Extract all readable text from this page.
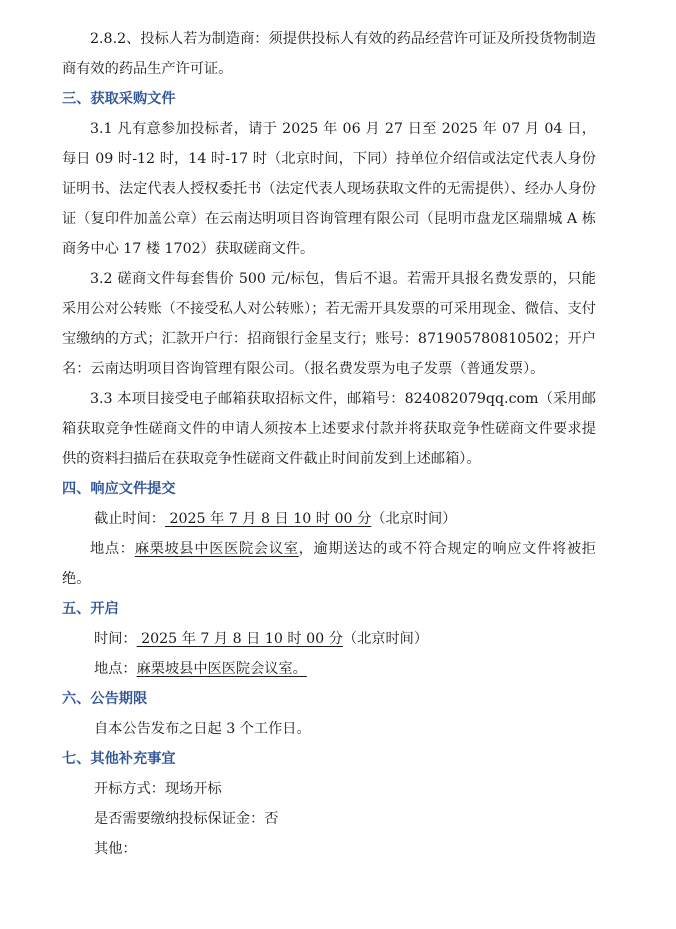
2.8.2、投标人若为制造商：须提供投标人有效的药品经营许可证及所投货物制造商有效的药品生产许可证。

三、获取采购文件

3.1 凡有意参加投标者，请于 2025 年 06 月 27 日至 2025 年 07 月 04 日，每日 09 时-12 时，14 时-17 时（北京时间，下同）持单位介绍信或法定代表人身份证明书、法定代表人授权委托书（法定代表人现场获取文件的无需提供）、经办人身份证（复印件加盖公章）在云南达明项目咨询管理有限公司（昆明市盘龙区瑞鼎城 A 栋商务中心 17 楼 1702）获取磋商文件。

3.2 磋商文件每套售价 500 元/标包，售后不退。若需开具报名费发票的，只能采用公对公转账（不接受私人对公转账）；若无需开具发票的可采用现金、微信、支付宝缴纳的方式；汇款开户行：招商银行金星支行；账号：871905780810502；开户名：云南达明项目咨询管理有限公司。（报名费发票为电子发票（普通发票）。

3.3 本项目接受电子邮箱获取招标文件，邮箱号：824082079qq.com（采用邮箱获取竞争性磋商文件的申请人须按本上述要求付款并将获取竞争性磋商文件要求提供的资料扫描后在获取竞争性磋商文件截止时间前发到上述邮箱）。

四、响应文件提交

截止时间： 2025 年 7 月 8 日 10 时 00 分（北京时间）

地点：麻栗坡县中医医院会议室，逾期送达的或不符合规定的响应文件将被拒绝。

五、开启

时间： 2025 年 7 月 8 日 10 时 00 分（北京时间）

地点：麻栗坡县中医医院会议室。

六、公告期限

自本公告发布之日起 3 个工作日。

七、其他补充事宜

开标方式：现场开标

是否需要缴纳投标保证金：否

其他：
